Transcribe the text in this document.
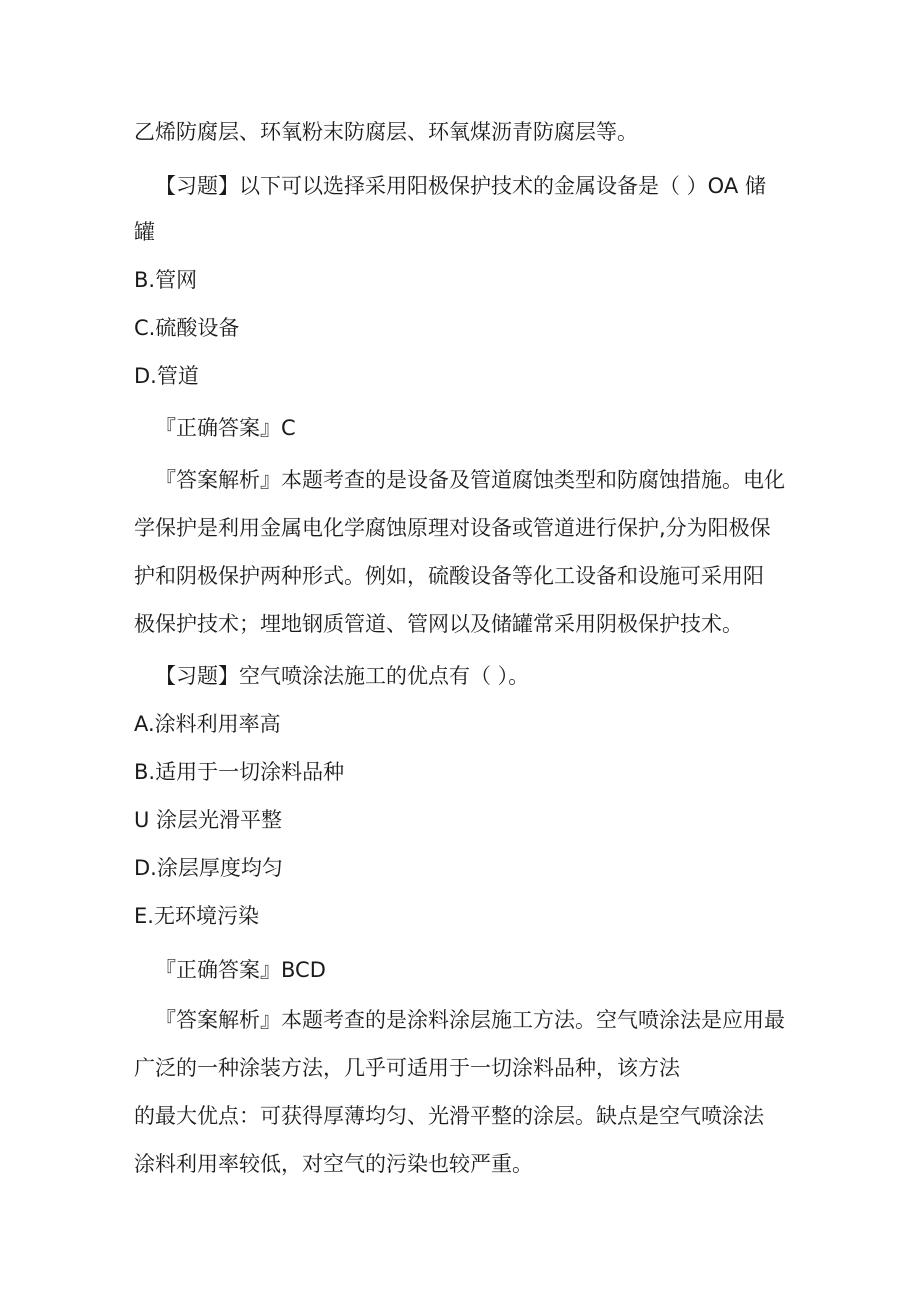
乙烯防腐层、环氧粉末防腐层、环氧煤沥青防腐层等。
【习题】以下可以选择采用阳极保护技术的金属设备是（ ）OA 储
罐
B.管网
C.硫酸设备
D.管道
『正确答案』C
『答案解析』本题考查的是设备及管道腐蚀类型和防腐蚀措施。电化
学保护是利用金属电化学腐蚀原理对设备或管道进行保护,分为阳极保
护和阴极保护两种形式。例如，硫酸设备等化工设备和设施可采用阳
极保护技术；埋地钢质管道、管网以及储罐常采用阴极保护技术。
【习题】空气喷涂法施工的优点有（ ）。
A.涂料利用率高
B.适用于一切涂料品种
U 涂层光滑平整
D.涂层厚度均匀
E.无环境污染
『正确答案』BCD
『答案解析』本题考查的是涂料涂层施工方法。空气喷涂法是应用最
广泛的一种涂装方法，几乎可适用于一切涂料品种，该方法
的最大优点：可获得厚薄均匀、光滑平整的涂层。缺点是空气喷涂法
涂料利用率较低，对空气的污染也较严重。
